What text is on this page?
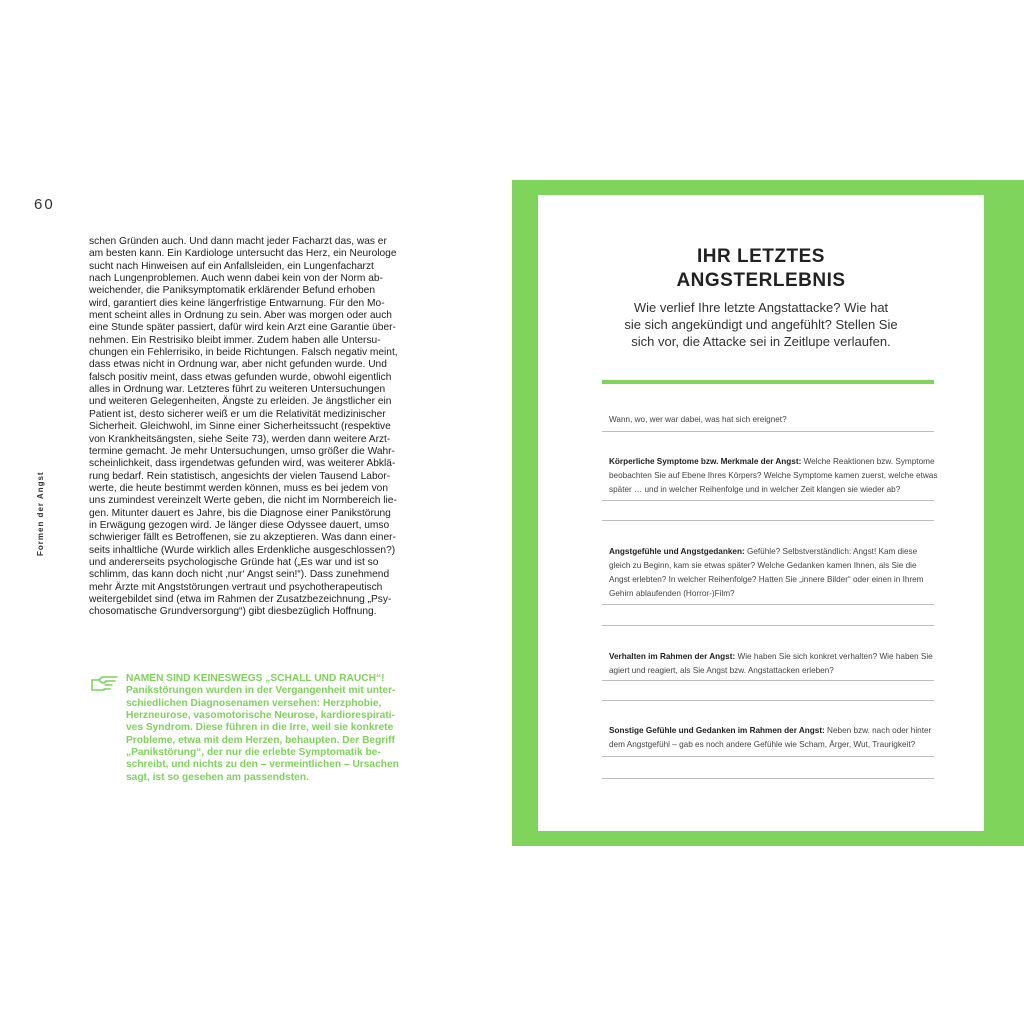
60
Formen der Angst

schen Gründen auch. Und dann macht jeder Facharzt das, was er
am besten kann. Ein Kardiologe untersucht das Herz, ein Neurologe
sucht nach Hinweisen auf ein Anfallsleiden, ein Lungenfacharzt
nach Lungenproblemen. Auch wenn dabei kein von der Norm ab-
weichender, die Paniksymptomatik erklärender Befund erhoben
wird, garantiert dies keine längerfristige Entwarnung. Für den Mo-
ment scheint alles in Ordnung zu sein. Aber was morgen oder auch
eine Stunde später passiert, dafür wird kein Arzt eine Garantie über-
nehmen. Ein Restrisiko bleibt immer. Zudem haben alle Untersu-
chungen ein Fehlerrisiko, in beide Richtungen. Falsch negativ meint,
dass etwas nicht in Ordnung war, aber nicht gefunden wurde. Und
falsch positiv meint, dass etwas gefunden wurde, obwohl eigentlich
alles in Ordnung war. Letzteres führt zu weiteren Untersuchungen
und weiteren Gelegenheiten, Ängste zu erleiden. Je ängstlicher ein
Patient ist, desto sicherer weiß er um die Relativität medizinischer
Sicherheit. Gleichwohl, im Sinne einer Sicherheitssucht (respektive
von Krankheitsängsten, siehe Seite 73), werden dann weitere Arzt-
termine gemacht. Je mehr Untersuchungen, umso größer die Wahr-
scheinlichkeit, dass irgendetwas gefunden wird, was weiterer Abklä-
rung bedarf. Rein statistisch, angesichts der vielen Tausend Labor-
werte, die heute bestimmt werden können, muss es bei jedem von
uns zumindest vereinzelt Werte geben, die nicht im Normbereich lie-
gen. Mitunter dauert es Jahre, bis die Diagnose einer Panikstörung
in Erwägung gezogen wird. Je länger diese Odyssee dauert, umso
schwieriger fällt es Betroffenen, sie zu akzeptieren. Was dann einer-
seits inhaltliche (Wurde wirklich alles Erdenkliche ausgeschlossen?)
und andererseits psychologische Gründe hat („Es war und ist so
schlimm, das kann doch nicht ‚nur‘ Angst sein!“). Dass zunehmend
mehr Ärzte mit Angststörungen vertraut und psychotherapeutisch
weitergebildet sind (etwa im Rahmen der Zusatzbezeichnung „Psy-
chosomatische Grundversorgung“) gibt diesbezüglich Hoffnung.

NAMEN SIND KEINESWEGS „SCHALL UND RAUCH“!
Panikstörungen wurden in der Vergangenheit mit unter-
schiedlichen Diagnosenamen versehen: Herzphobie,
Herzneurose, vasomotorische Neurose, kardiorespirati-
ves Syndrom. Diese führen in die Irre, weil sie konkrete
Probleme, etwa mit dem Herzen, behaupten. Der Begriff
„Panikstörung“, der nur die erlebte Symptomatik be-
schreibt, und nichts zu den – vermeintlichen – Ursachen
sagt, ist so gesehen am passendsten.
IHR LETZTES
ANGSTERLEBNIS
Wie verlief Ihre letzte Angstattacke? Wie hat
sie sich angekündigt und angefühlt? Stellen Sie
sich vor, die Attacke sei in Zeitlupe verlaufen.
Wann, wo, wer war dabei, was hat sich ereignet?
Körperliche Symptome bzw. Merkmale der Angst: Welche Reaktionen bzw. Symptome
beobachten Sie auf Ebene Ihres Körpers? Welche Symptome kamen zuerst, welche etwas
später … und in welcher Reihenfolge und in welcher Zeit klangen sie wieder ab?
Angstgefühle und Angstgedanken: Gefühle? Selbstverständlich: Angst! Kam diese
gleich zu Beginn, kam sie etwas später? Welche Gedanken kamen Ihnen, als Sie die
Angst erlebten? In welcher Reihenfolge? Hatten Sie „innere Bilder“ oder einen in Ihrem
Gehirn ablaufenden (Horror-)Film?
Verhalten im Rahmen der Angst: Wie haben Sie sich konkret verhalten? Wie haben Sie
agiert und reagiert, als Sie Angst bzw. Angstattacken erleben?
Sonstige Gefühle und Gedanken im Rahmen der Angst: Neben bzw. nach oder hinter
dem Angstgefühl – gab es noch andere Gefühle wie Scham, Ärger, Wut, Traurigkeit?
